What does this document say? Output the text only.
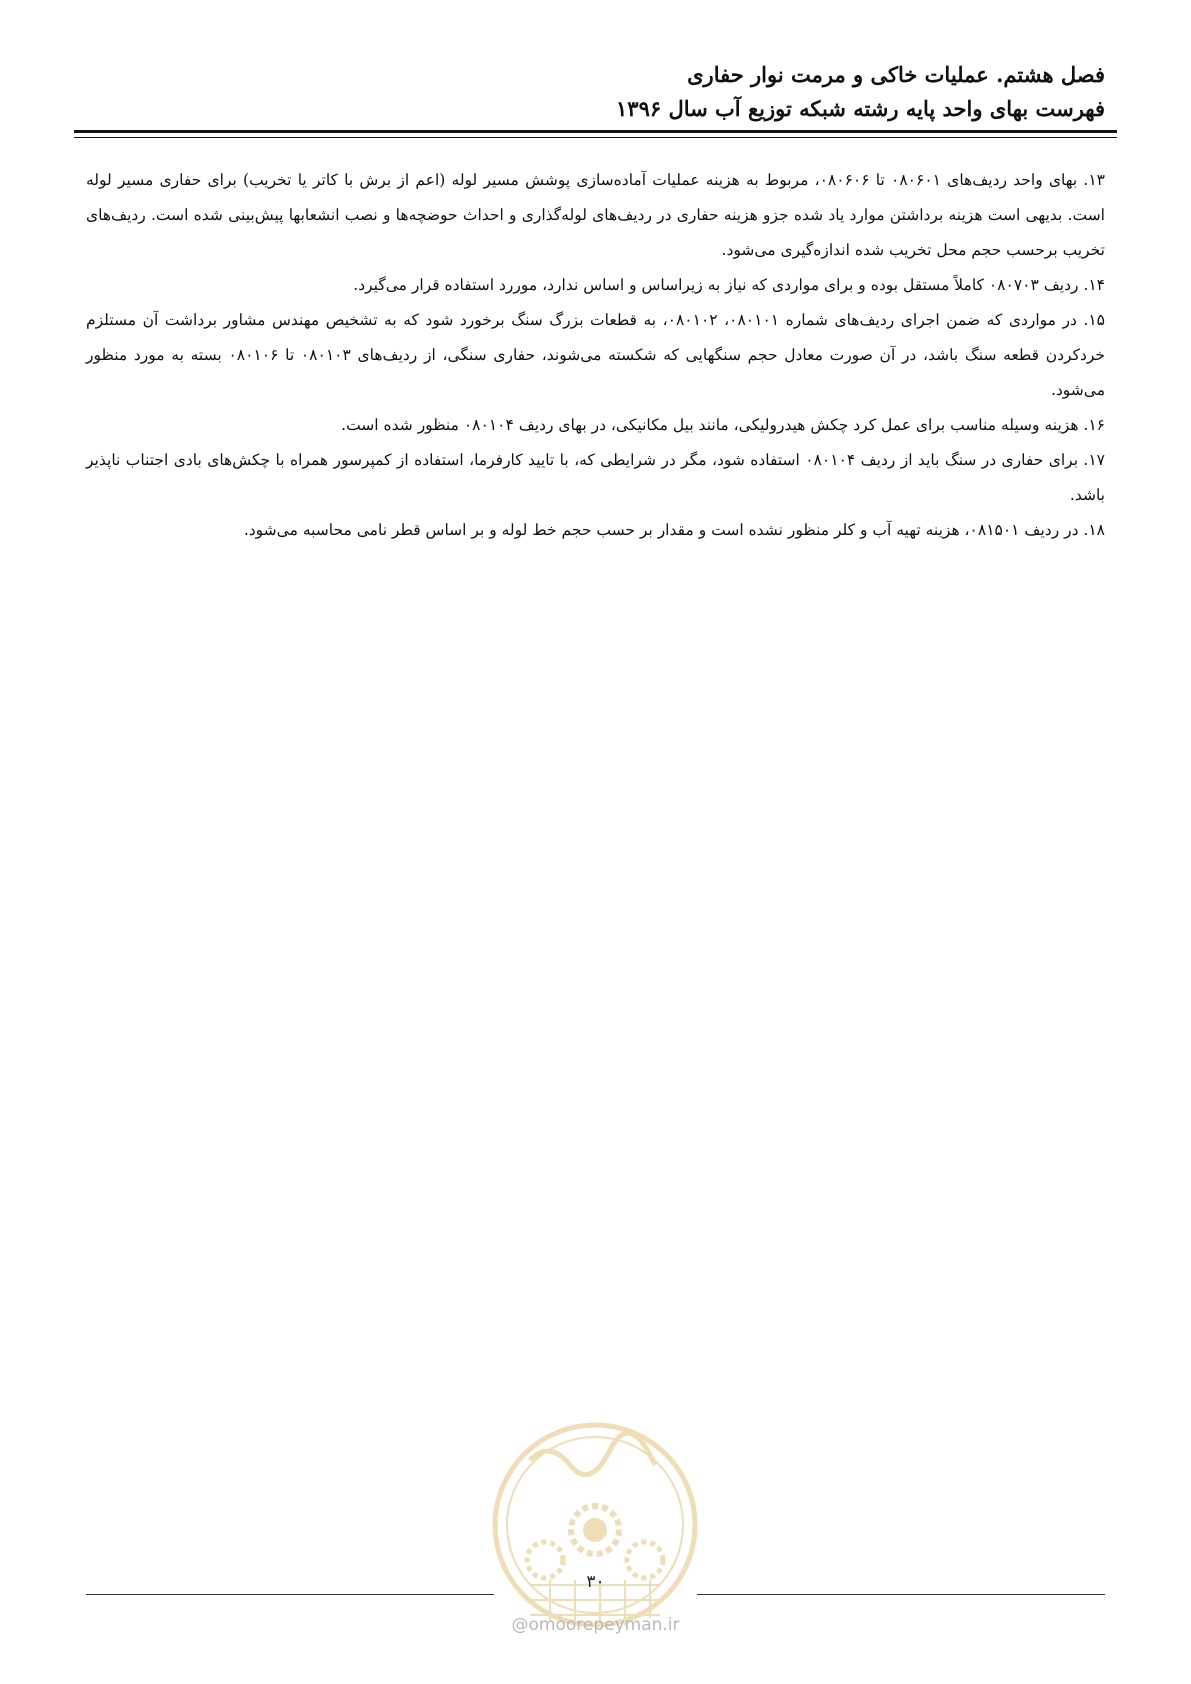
فصل هشتم. عملیات خاکی و مرمت نوار حفاری
فهرست بهای واحد پایه رشته شبکه توزیع آب سال ۱۳۹۶

۱۳. بهای واحد ردیف‌های ۰۸۰۶۰۱ تا ۰۸۰۶۰۶، مربوط به هزینه عملیات آماده‌سازی پوشش مسیر لوله (اعم از برش با کاتر یا تخریب) برای حفاری مسیر لوله است. بدیهی است هزینه برداشتن موارد یاد شده جزو هزینه حفاری در ردیف‌های لوله‌گذاری و احداث حوضچه‌ها و نصب انشعابها پیش‌بینی شده است. ردیف‌های تخریب برحسب حجم محل تخریب شده اندازه‌گیری می‌شود.

۱۴. ردیف ۰۸۰۷۰۳ کاملاً مستقل بوده و برای مواردی که نیاز به زیراساس و اساس ندارد، موررد استفاده قرار می‌گیرد.

۱۵. در مواردی که ضمن اجرای ردیف‌های شماره ۰۸۰۱۰۱، ۰۸۰۱۰۲، به قطعات بزرگ سنگ برخورد شود که به تشخیص مهندس مشاور برداشت آن مستلزم خردکردن قطعه سنگ باشد، در آن صورت معادل حجم سنگهایی که شکسته می‌شوند، حفاری سنگی، از ردیف‌های ۰۸۰۱۰۳ تا ۰۸۰۱۰۶ بسته به مورد منظور می‌شود.

۱۶. هزینه وسیله مناسب برای عمل کرد چکش هیدرولیکی، مانند بیل مکانیکی، در بهای ردیف ۰۸۰۱۰۴ منظور شده است.

۱۷. برای حفاری در سنگ باید از ردیف ۰۸۰۱۰۴ استفاده شود، مگر در شرایطی که، با تایید کارفرما، استفاده از کمپرسور همراه با چکش‌های بادی اجتناب ناپذیر باشد.

۱۸. در ردیف ۰۸۱۵۰۱، هزینه تهیه آب و کلر منظور نشده است و مقدار بر حسب حجم خط لوله و بر اساس قطر نامی محاسبه می‌شود.

۳۰
@omoorepeyman.ir
